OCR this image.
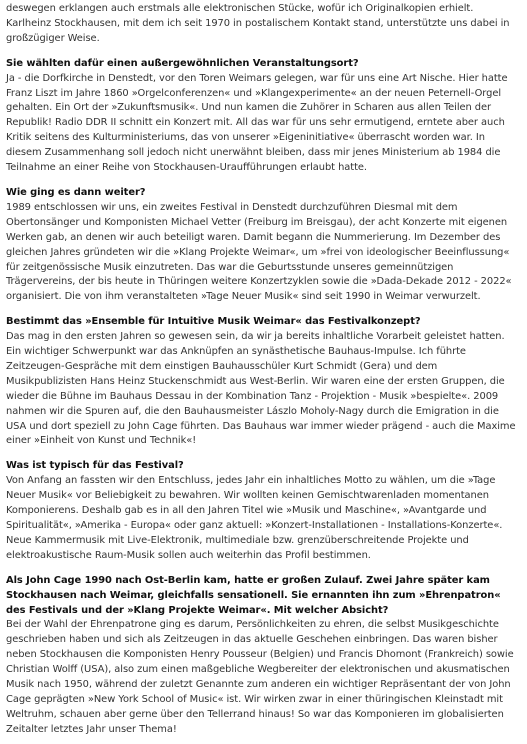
deswegen erklangen auch erstmals alle elektronischen Stücke, wofür ich Originalkopien erhielt. Karlheinz Stockhausen, mit dem ich seit 1970 in postalischem Kontakt stand, unterstützte uns dabei in großzügiger Weise.

Sie wählten dafür einen außergewöhnlichen Veranstaltungsort?

Ja - die Dorfkirche in Denstedt, vor den Toren Weimars gelegen, war für uns eine Art Nische. Hier hatte Franz Liszt im Jahre 1860 »Orgelconferenzen« und »Klangexperimente« an der neuen Peternell-Orgel gehalten. Ein Ort der »Zukunftsmusik«. Und nun kamen die Zuhörer in Scharen aus allen Teilen der Republik! Radio DDR II schnitt ein Konzert mit. All das war für uns sehr ermutigend, erntete aber auch Kritik seitens des Kulturministeriums, das von unserer »Eigeninitiative« überrascht worden war. In diesem Zusammenhang soll jedoch nicht unerwähnt bleiben, dass mir jenes Ministerium ab 1984 die Teilnahme an einer Reihe von Stockhausen-Uraufführungen erlaubt hatte.

Wie ging es dann weiter?

1989 entschlossen wir uns, ein zweites Festival in Denstedt durchzuführen Diesmal mit dem Obertonsänger und Komponisten Michael Vetter (Freiburg im Breisgau), der acht Konzerte mit eigenen Werken gab, an denen wir auch beteiligt waren. Damit begann die Nummerierung. Im Dezember des gleichen Jahres gründeten wir die »Klang Projekte Weimar«, um »frei von ideologischer Beeinflussung« für zeitgenössische Musik einzutreten. Das war die Geburtsstunde unseres gemeinnützigen Trägervereins, der bis heute in Thüringen weitere Konzertzyklen sowie die »Dada-Dekade 2012 - 2022« organisiert. Die von ihm veranstalteten »Tage Neuer Musik« sind seit 1990 in Weimar verwurzelt.

Bestimmt das »Ensemble für Intuitive Musik Weimar« das Festivalkonzept?

Das mag in den ersten Jahren so gewesen sein, da wir ja bereits inhaltliche Vorarbeit geleistet hatten. Ein wichtiger Schwerpunkt war das Anknüpfen an synästhetische Bauhaus-Impulse. Ich führte Zeitzeugen-Gespräche mit dem einstigen Bauhausschüler Kurt Schmidt (Gera) und dem Musikpublizisten Hans Heinz Stuckenschmidt aus West-Berlin. Wir waren eine der ersten Gruppen, die wieder die Bühne im Bauhaus Dessau in der Kombination Tanz - Projektion - Musik »bespielte«. 2009 nahmen wir die Spuren auf, die den Bauhausmeister Lászlo Moholy-Nagy durch die Emigration in die USA und dort speziell zu John Cage führten. Das Bauhaus war immer wieder prägend - auch die Maxime einer »Einheit von Kunst und Technik«!

Was ist typisch für das Festival?

Von Anfang an fassten wir den Entschluss, jedes Jahr ein inhaltliches Motto zu wählen, um die »Tage Neuer Musik« vor Beliebigkeit zu bewahren. Wir wollten keinen Gemischtwarenladen momentanen Komponierens. Deshalb gab es in all den Jahren Titel wie »Musik und Maschine«, »Avantgarde und Spiritualität«, »Amerika - Europa« oder ganz aktuell: »Konzert-Installationen - Installations-Konzerte«. Neue Kammermusik mit Live-Elektronik, multimediale bzw. grenzüberschreitende Projekte und elektroakustische Raum-Musik sollen auch weiterhin das Profil bestimmen.

Als John Cage 1990 nach Ost-Berlin kam, hatte er großen Zulauf. Zwei Jahre später kam Stockhausen nach Weimar, gleichfalls sensationell. Sie ernannten ihn zum »Ehrenpatron« des Festivals und der »Klang Projekte Weimar«. Mit welcher Absicht?

Bei der Wahl der Ehrenpatrone ging es darum, Persönlichkeiten zu ehren, die selbst Musikgeschichte geschrieben haben und sich als Zeitzeugen in das aktuelle Geschehen einbringen. Das waren bisher neben Stockhausen die Komponisten Henry Pousseur (Belgien) und Francis Dhomont (Frankreich) sowie Christian Wolff (USA), also zum einen maßgebliche Wegbereiter der elektronischen und akusmatischen Musik nach 1950, während der zuletzt Genannte zum anderen ein wichtiger Repräsentant der von John Cage geprägten »New York School of Music« ist. Wir wirken zwar in einer thüringischen Kleinstadt mit Weltruhm, schauen aber gerne über den Tellerrand hinaus! So war das Komponieren im globalisierten Zeitalter letztes Jahr unser Thema!
